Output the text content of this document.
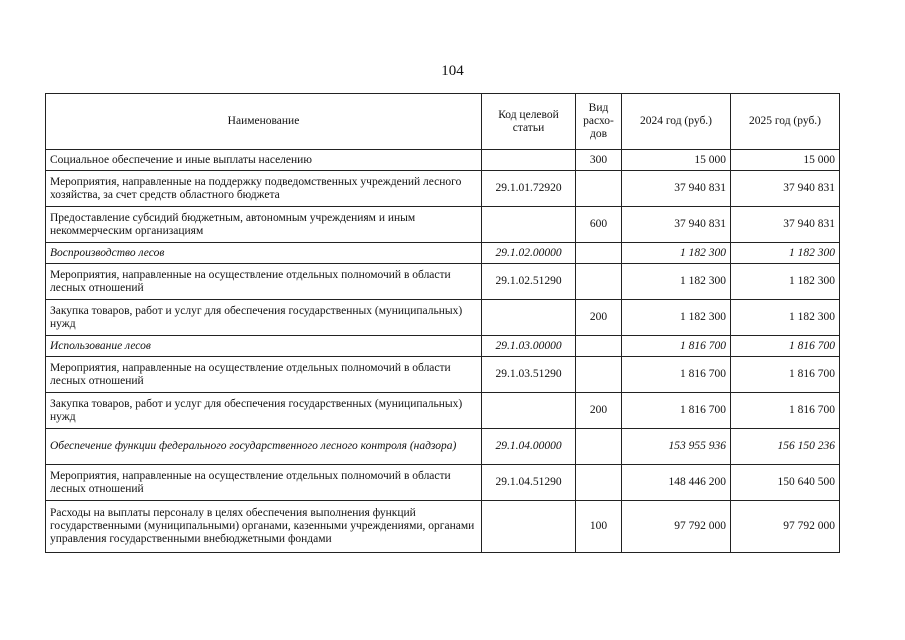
104
Наименование	Код целевой статьи	Вид расхо-дов	2024 год (руб.)	2025 год (руб.)
Социальное обеспечение и иные выплаты населению		300	15 000	15 000
Мероприятия, направленные на поддержку подведомственных учреждений лесного хозяйства, за счет средств областного бюджета	29.1.01.72920		37 940 831	37 940 831
Предоставление субсидий бюджетным, автономным учреждениям и иным некоммерческим организациям		600	37 940 831	37 940 831
Воспроизводство лесов	29.1.02.00000		1 182 300	1 182 300
Мероприятия, направленные на осуществление отдельных полномочий в области лесных отношений	29.1.02.51290		1 182 300	1 182 300
Закупка товаров, работ и услуг для обеспечения государственных (муниципальных) нужд		200	1 182 300	1 182 300
Использование лесов	29.1.03.00000		1 816 700	1 816 700
Мероприятия, направленные на осуществление отдельных полномочий в области лесных отношений	29.1.03.51290		1 816 700	1 816 700
Закупка товаров, работ и услуг для обеспечения государственных (муниципальных) нужд		200	1 816 700	1 816 700
Обеспечение функции федерального государственного лесного контроля (надзора)	29.1.04.00000		153 955 936	156 150 236
Мероприятия, направленные на осуществление отдельных полномочий в области лесных отношений	29.1.04.51290		148 446 200	150 640 500
Расходы на выплаты персоналу в целях обеспечения выполнения функций государственными (муниципальными) органами, казенными учреждениями, органами управления государственными внебюджетными фондами		100	97 792 000	97 792 000
